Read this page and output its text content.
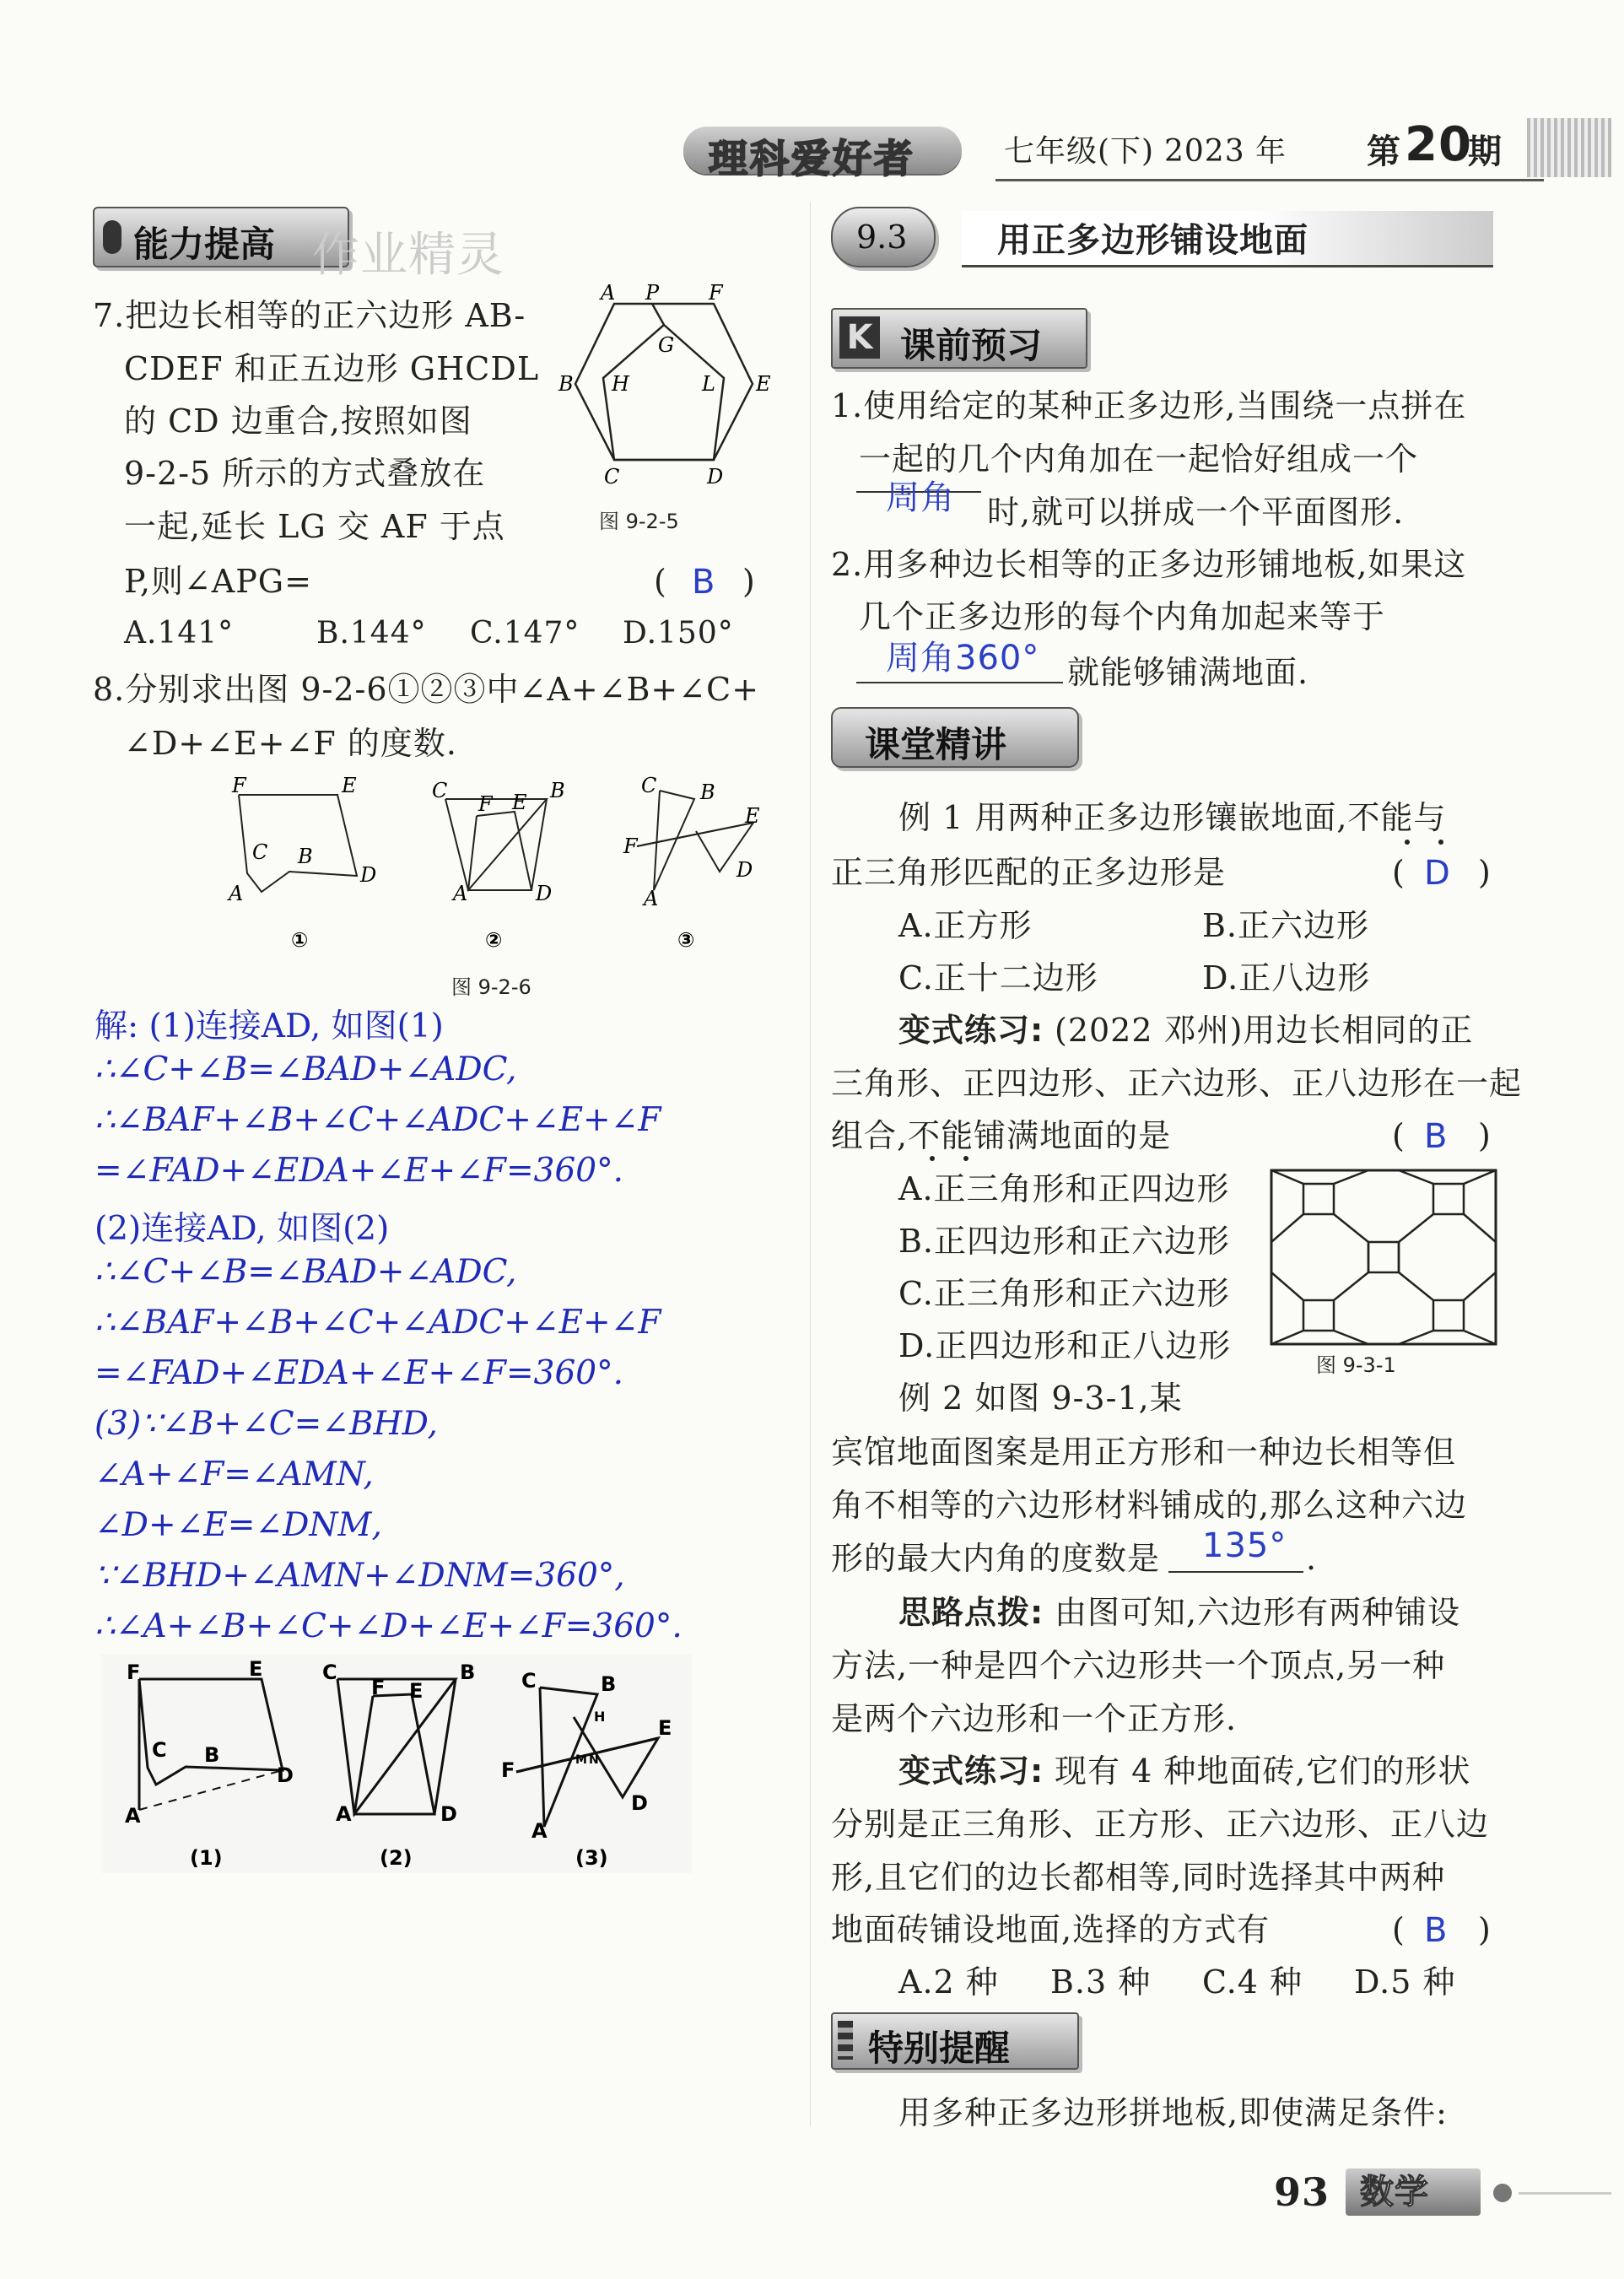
理科爱好者	七年级(下) 2023 年 第 20
期
能力提高 作业精灵
7.把边长相等的正六边形 AB-
CDEF 和正五边形 GHCDL
的 CD 边重合,按照如图
9-2-5 所示的方式叠放在
一起,延长 LG 交 AF 于点
P,则∠APG=	( B )
A.141°	B.144° C.147° D.150°
A P F
G
B H	L E
C	D
图 9-2-5
8.分别求出图 9-2-6①②③中∠A+∠B+∠C+
∠D+∠E+∠F 的度数.
F	E
C B
A
D
①
C
F E B
A	D
②
C B
E
F
D
A
③
图 9-2-6
解: (1)连接AD, 如图(1)
∴∠C+∠B=∠BAD+∠ADC,
∴∠BAF+∠B+∠C+∠ADC+∠E+∠F
=∠FAD+∠EDA+∠E+∠F=360°.
(2)连接AD, 如图(2)
∴∠C+∠B=∠BAD+∠ADC,
∴∠BAF+∠B+∠C+∠ADC+∠E+∠F
=∠FAD+∠EDA+∠E+∠F=360°.
(3)∵∠B+∠C=∠BHD,
∠A+∠F=∠AMN,
∠D+∠E=∠DNM,
∵∠BHD+∠AMN+∠DNM=360°,
∴∠A+∠B+∠C+∠D+∠E+∠F=360°.
F	E
C B
A
D
(1)
C
F E
B
A	D
(2)
C	B
H	E
F	M N
D
A
(3)
9.3	用正多边形铺设地面
K 课前预习
1.使用给定的某种正多边形,当围绕一点拼在
一起的几个内角加在一起恰好组成一个
周角 时,就可以拼成一个平面图形.
2.用多种边长相等的正多边形铺地板,如果这
几个正多边形的每个内角加起来等于
周角360° 就能够铺满地面.
课堂精讲
例 1 用两种正多边形镶嵌地面,不能与
正三角形匹配的正多边形是	( D )
A.正方形	B.正六边形
C.正十二边形	D.正八边形
变式练习: (2022 邓州)用边长相同的正
三角形、正四边形、正六边形、正八边形在一起
组合,不能铺满地面的是	( B )
A.正三角形和正四边形
B.正四边形和正六边形
C.正三角形和正六边形
D.正四边形和正八边形
图 9-3-1
例 2 如图 9-3-1,某
宾馆地面图案是用正方形和一种边长相等但
角不相等的六边形材料铺成的,那么这种六边
形的最大内角的度数是 135° .
思路点拨: 由图可知,六边形有两种铺设
方法,一种是四个六边形共一个顶点,另一种
是两个六边形和一个正方形.
变式练习: 现有 4 种地面砖,它们的形状
分别是正三角形、正方形、正六边形、正八边
形,且它们的边长都相等,同时选择其中两种
地面砖铺设地面,选择的方式有	( B )
A.2 种 B.3 种 C.4 种 D.5 种
特别提醒
用多种正多边形拼地板,即使满足条件:
93 数学
